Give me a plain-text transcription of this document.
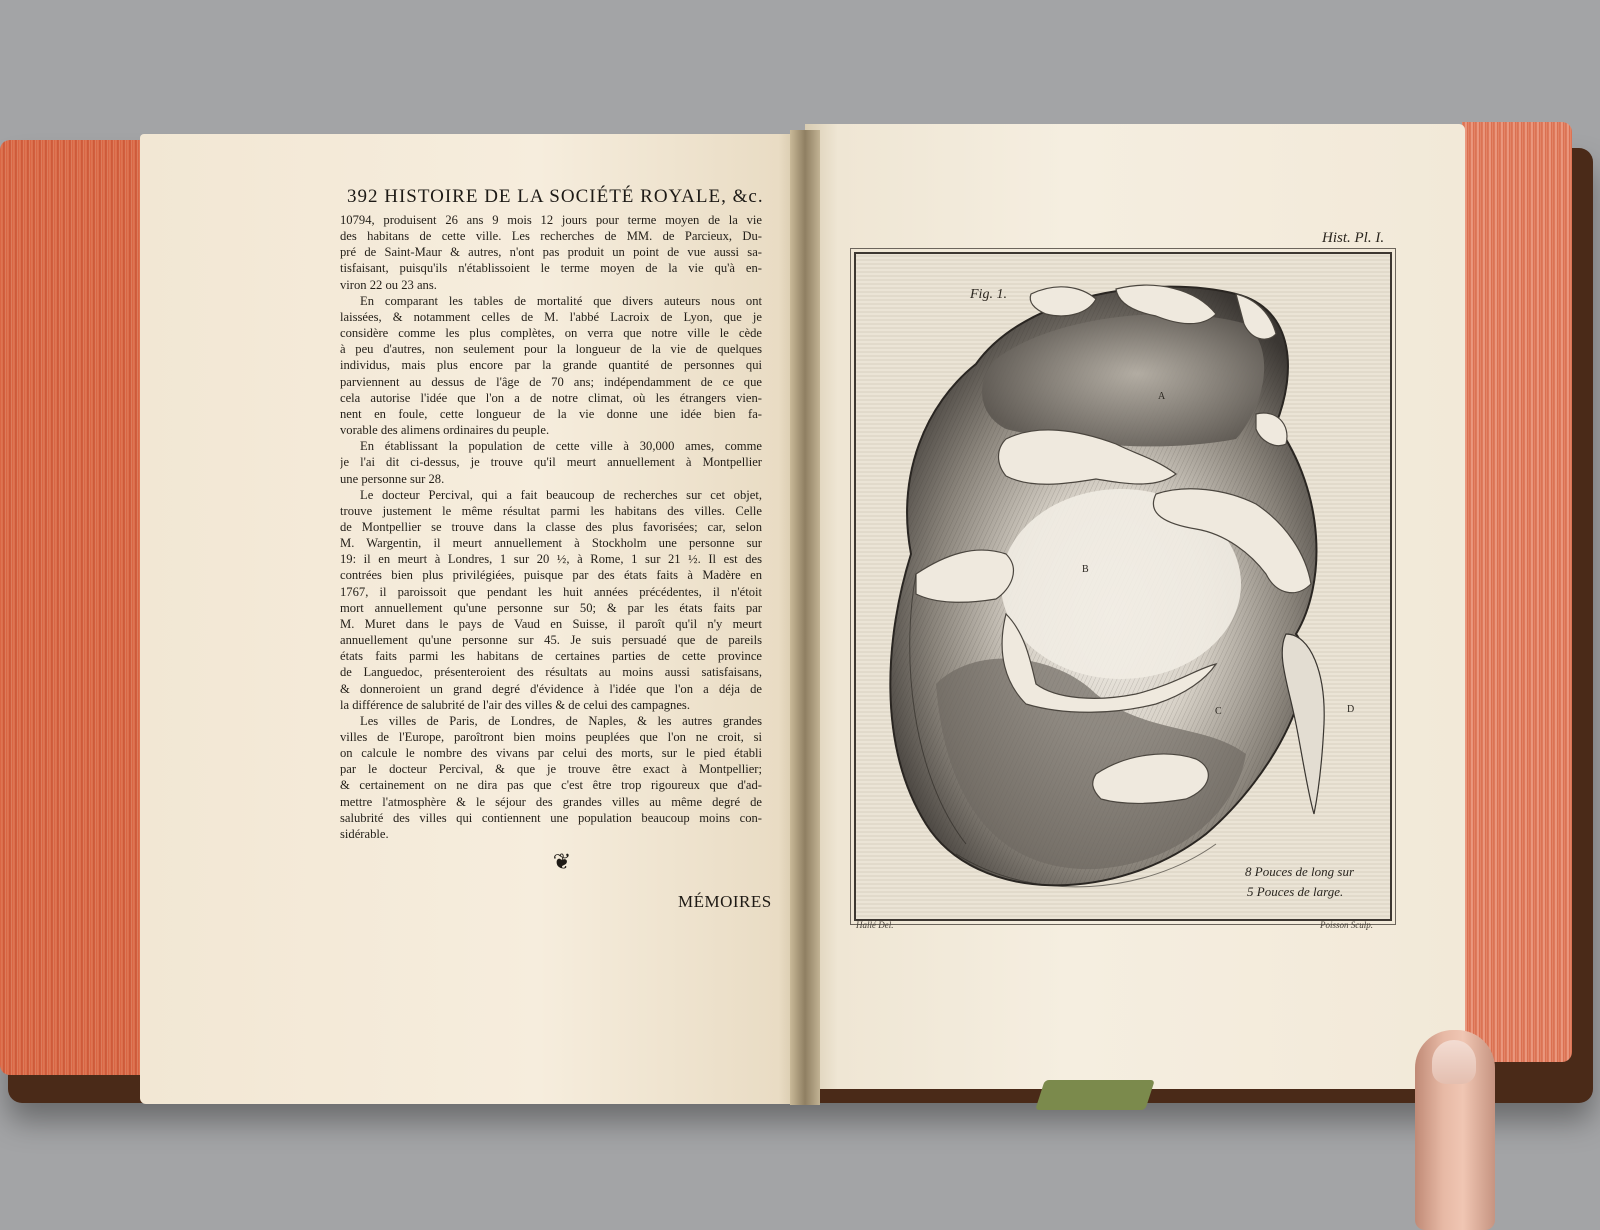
392 HISTOIRE DE LA SOCIÉTÉ ROYALE, &c.
10794, produisent 26 ans 9 mois 12 jours pour terme moyen de la vie
des habitans de cette ville. Les recherches de MM. de Parcieux, Du-
pré de Saint-Maur & autres, n'ont pas produit un point de vue aussi sa-
tisfaisant, puisqu'ils n'établissoient le terme moyen de la vie qu'à en-
viron 22 ou 23 ans.
En comparant les tables de mortalité que divers auteurs nous ont
laissées, & notamment celles de M. l'abbé Lacroix de Lyon, que je
considère comme les plus complètes, on verra que notre ville le cède
à peu d'autres, non seulement pour la longueur de la vie de quelques
individus, mais plus encore par la grande quantité de personnes qui
parviennent au dessus de l'âge de 70 ans; indépendamment de ce que
cela autorise l'idée que l'on a de notre climat, où les étrangers vien-
nent en foule, cette longueur de la vie donne une idée bien fa-
vorable des alimens ordinaires du peuple.
En établissant la population de cette ville à 30,000 ames, comme
je l'ai dit ci-dessus, je trouve qu'il meurt annuellement à Montpellier
une personne sur 28.
Le docteur Percival, qui a fait beaucoup de recherches sur cet objet,
trouve justement le même résultat parmi les habitans des villes. Celle
de Montpellier se trouve dans la classe des plus favorisées; car, selon
M. Wargentin, il meurt annuellement à Stockholm une personne sur
19: il en meurt à Londres, 1 sur 20 ½, à Rome, 1 sur 21 ½. Il est des
contrées bien plus privilégiées, puisque par des états faits à Madère en
1767, il paroissoit que pendant les huit années précédentes, il n'étoit
mort annuellement qu'une personne sur 50; & par les états faits par
M. Muret dans le pays de Vaud en Suisse, il paroît qu'il n'y meurt
annuellement qu'une personne sur 45. Je suis persuadé que de pareils
états faits parmi les habitans de certaines parties de cette province
de Languedoc, présenteroient des résultats au moins aussi satisfaisans,
& donneroient un grand degré d'évidence à l'idée que l'on a déja de
la différence de salubrité de l'air des villes & de celui des campagnes.
Les villes de Paris, de Londres, de Naples, & les autres grandes
villes de l'Europe, paroîtront bien moins peuplées que l'on ne croit, si
on calcule le nombre des vivans par celui des morts, sur le pied établi
par le docteur Percival, & que je trouve être exact à Montpellier;
& certainement on ne dira pas que c'est être trop rigoureux que d'ad-
mettre l'atmosphère & le séjour des grandes villes au même degré de
salubrité des villes qui contiennent une population beaucoup moins con-
sidérable.
❦
MÉMOIRES
Hist. Pl. I.
Fig. 1.
A
B
C	D
8 Pouces de long sur
5 Pouces de large.
Hallé Del.	Poisson Sculp.
